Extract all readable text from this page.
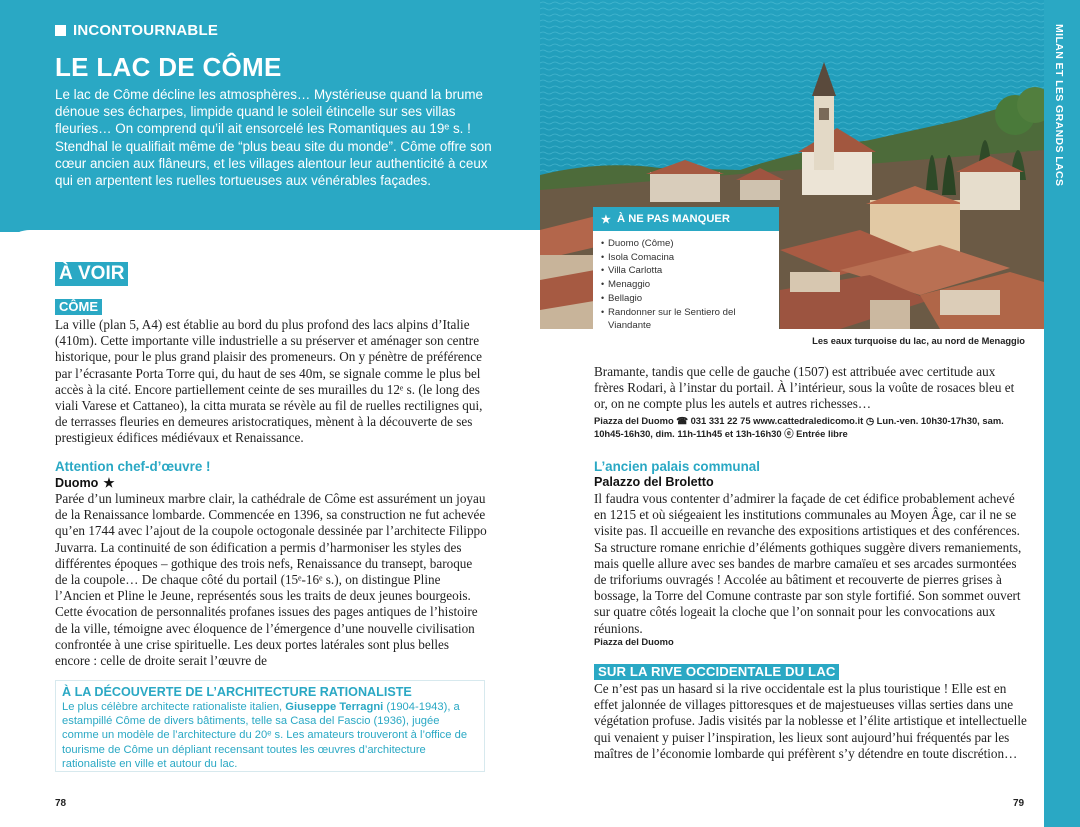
INCONTOURNABLE
LE LAC DE CÔME

Le lac de Côme décline les atmosphères… Mystérieuse quand la brume dénoue ses écharpes, limpide quand le soleil étincelle sur ses villas fleuries… On comprend qu’il ait ensorcelé les Romantiques au 19ᵉ s. ! Stendhal le qualifiait même de “plus beau site du monde”. Côme offre son cœur ancien aux flâneurs, et les villages alentour leur authenticité à ceux qui en arpentent les ruelles tortueuses aux vénérables façades.

À VOIR
CÔME

La ville (plan 5, A4) est établie au bord du plus profond des lacs alpins d’Italie (410m). Cette importante ville industrielle a su préserver et aménager son centre historique, pour le plus grand plaisir des promeneurs. On y pénètre de préférence par l’écrasante Porta Torre qui, du haut de ses 40m, se signale comme le plus bel accès à la cité. Encore partiellement ceinte de ses murailles du 12ᵉ s. (le long des viali Varese et Cattaneo), la citta murata se révèle au fil de ruelles rectilignes qui, de terrasses fleuries en demeures aristocratiques, mènent à la découverte de ses prestigieux édifices médiévaux et Renaissance.

Attention chef-d’œuvre !
Duomo ★

Parée d’un lumineux marbre clair, la cathédrale de Côme est assurément un joyau de la Renaissance lombarde. Commencée en 1396, sa construction ne fut achevée qu’en 1744 avec l’ajout de la coupole octogonale dessinée par l’architecte Filippo Juvarra. La continuité de son édification a permis d’harmoniser les styles des différentes époques – gothique des trois nefs, Renaissance du transept, baroque de la coupole… De chaque côté du portail (15ᵉ-16ᵉ s.), on distingue Pline l’Ancien et Pline le Jeune, représentés sous les traits de deux jeunes bourgeois. Cette évocation de personnalités profanes issues des pages antiques de l’histoire de la ville, témoigne avec éloquence de l’émergence d’une nouvelle civilisation confrontée à une crise spirituelle. Les deux portes latérales sont plus belles encore : celle de droite serait l’œuvre de

À LA DÉCOUVERTE DE L’ARCHITECTURE RATIONALISTE

Le plus célèbre architecte rationaliste italien, Giuseppe Terragni (1904-1943), a estampillé Côme de divers bâtiments, telle sa Casa del Fascio (1936), jugée comme un modèle de l’architecture du 20ᵉ s. Les amateurs trouveront à l’office de tourisme de Côme un dépliant recensant toutes les œuvres d’architecture rationaliste en ville et autour du lac.

78
MILAN ET LES GRANDS LACS
★ À NE PAS MANQUER
• Duomo (Côme)
• Isola Comacina
• Villa Carlotta
• Menaggio
• Bellagio
• Randonner sur le Sentiero del Viandante
Les eaux turquoise du lac, au nord de Menaggio

Bramante, tandis que celle de gauche (1507) est attribuée avec certitude aux frères Rodari, à l’instar du portail. À l’intérieur, sous la voûte de rosaces bleu et or, on ne compte plus les autels et autres richesses…

Piazza del Duomo ☎ 031 331 22 75 www.cattedraledicomo.it ◷ Lun.-ven. 10h30-17h30, sam. 10h45-16h30, dim. 11h-11h45 et 13h-16h30 ⓔ Entrée libre

L’ancien palais communal
Palazzo del Broletto

Il faudra vous contenter d’admirer la façade de cet édifice probablement achevé en 1215 et où siégeaient les institutions communales au Moyen Âge, car il ne se visite pas. Il accueille en revanche des expositions artistiques et des conférences. Sa structure romane enrichie d’éléments gothiques suggère divers remaniements, mais quelle allure avec ses bandes de marbre camaïeu et ses arcades surmontées de triforiums ouvragés ! Accolée au bâtiment et recouverte de pierres grises à bossage, la Torre del Comune contraste par son style fortifié. Son sommet ouvert sur quatre côtés logeait la cloche que l’on sonnait pour les convocations aux réunions.

Piazza del Duomo
SUR LA RIVE OCCIDENTALE DU LAC

Ce n’est pas un hasard si la rive occidentale est la plus touristique ! Elle est en effet jalonnée de villages pittoresques et de majestueuses villas serties dans une végétation profuse. Jadis visités par la noblesse et l’élite artistique et intellectuelle qui venaient y puiser l’inspiration, les lieux sont aujourd’hui fréquentés par les maîtres de l’économie lombarde qui préfèrent s’y détendre en toute discrétion…

79
